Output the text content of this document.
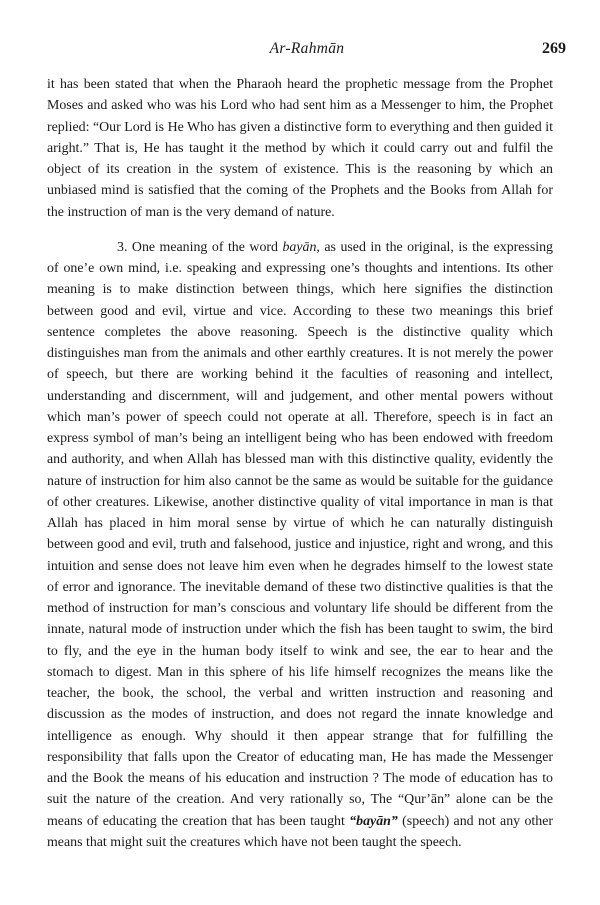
Ar-Rahmān	269

it has been stated that when the Pharaoh heard the prophetic message from the Prophet Moses and asked who was his Lord who had sent him as a Messenger to him, the Prophet replied: “Our Lord is He Who has given a distinctive form to everything and then guided it aright.” That is, He has taught it the method by which it could carry out and fulfil the object of its creation in the system of existence. This is the reasoning by which an unbiased mind is satisfied that the coming of the Prophets and the Books from Allah for the instruction of man is the very demand of nature.

3. One meaning of the word bayān, as used in the original, is the expressing of one’e own mind, i.e. speaking and expressing one’s thoughts and intentions. Its other meaning is to make distinction between things, which here signifies the distinction between good and evil, virtue and vice. According to these two meanings this brief sentence completes the above reasoning. Speech is the distinctive quality which distinguishes man from the animals and other earthly creatures. It is not merely the power of speech, but there are working behind it the faculties of reasoning and intellect, understanding and discernment, will and judgement, and other mental powers without which man’s power of speech could not operate at all. Therefore, speech is in fact an express symbol of man’s being an intelligent being who has been endowed with freedom and authority, and when Allah has blessed man with this distinctive quality, evidently the nature of instruction for him also cannot be the same as would be suitable for the guidance of other creatures. Likewise, another distinctive quality of vital importance in man is that Allah has placed in him moral sense by virtue of which he can naturally distinguish between good and evil, truth and falsehood, justice and injustice, right and wrong, and this intuition and sense does not leave him even when he degrades himself to the lowest state of error and ignorance. The inevitable demand of these two distinctive qualities is that the method of instruction for man’s conscious and voluntary life should be different from the innate, natural mode of instruction under which the fish has been taught to swim, the bird to fly, and the eye in the human body itself to wink and see, the ear to hear and the stomach to digest. Man in this sphere of his life himself recognizes the means like the teacher, the book, the school, the verbal and written instruction and reasoning and discussion as the modes of instruction, and does not regard the innate knowledge and intelligence as enough. Why should it then appear strange that for fulfilling the responsibility that falls upon the Creator of educating man, He has made the Messenger and the Book the means of his education and instruction ? The mode of education has to suit the nature of the creation. And very rationally so, The “Qur’ān” alone can be the means of educating the creation that has been taught “bayān” (speech) and not any other means that might suit the creatures which have not been taught the speech.
